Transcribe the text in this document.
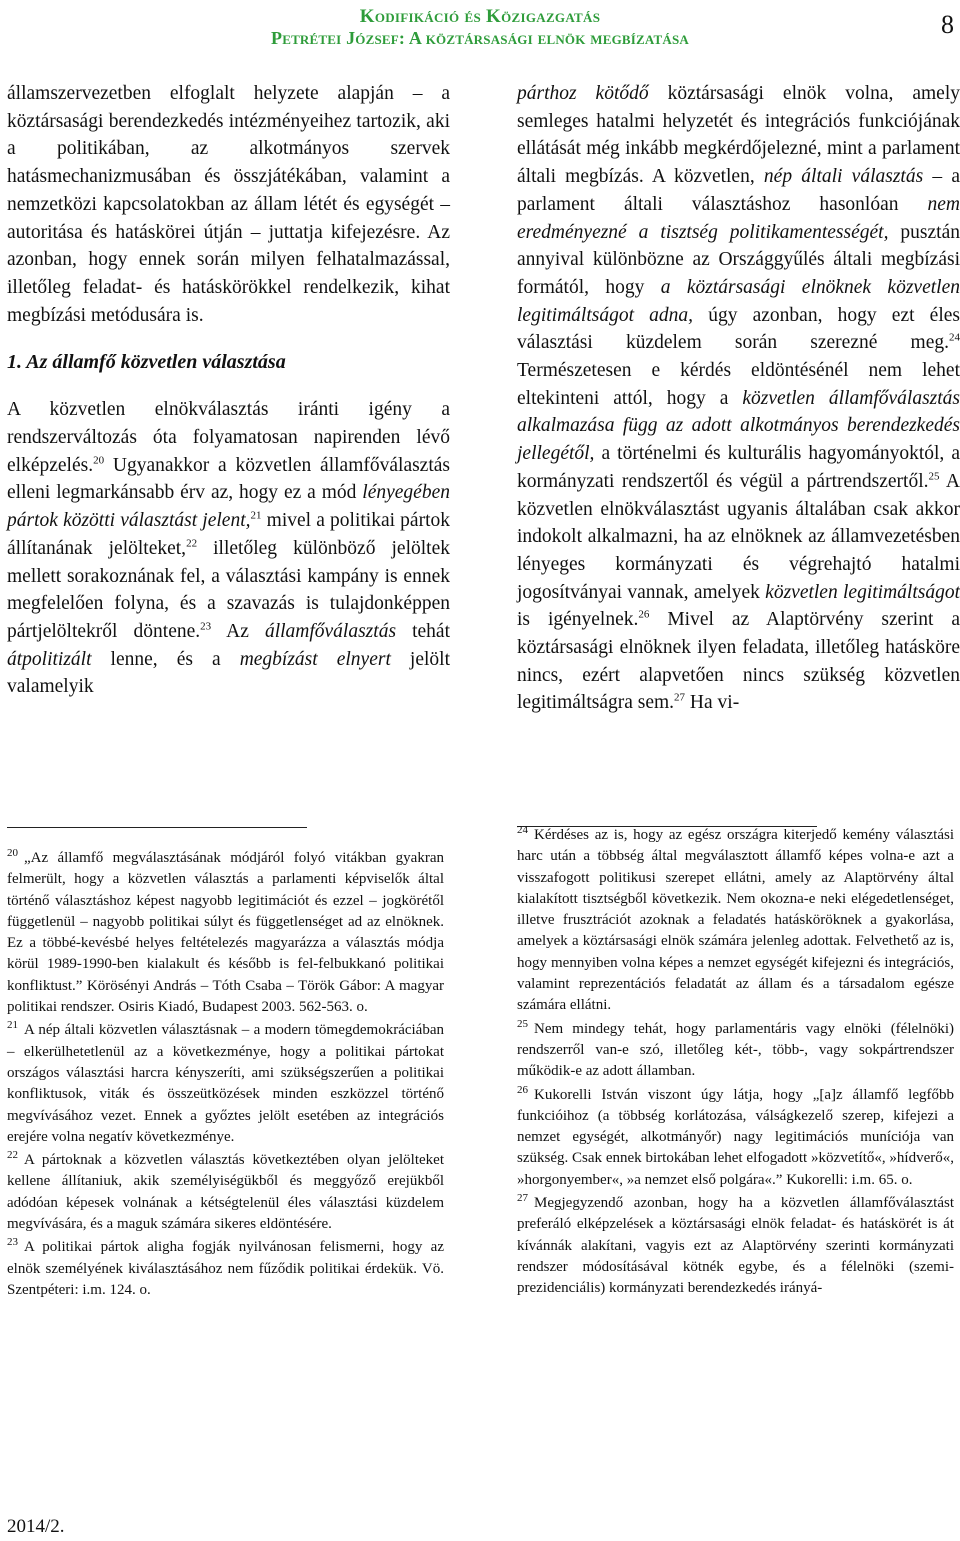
Kodifikáció és Közigazgatás
Petrétei József: A köztársasági elnök megbízatása	8

államszervezetben elfoglalt helyzete alapján – a köztársasági berendezkedés intézményeihez tartozik, aki a politikában, az alkotmányos szervek hatásmechanizmusában és összjátékában, valamint a nemzetközi kapcsolatokban az állam létét és egységét – autoritása és hatáskörei útján – juttatja kifejezésre. Az azonban, hogy ennek során milyen felhatalmazással, illetőleg feladat- és hatáskörökkel rendelkezik, kihat megbízási metódusára is.

1. Az államfő közvetlen választása

A közvetlen elnökválasztás iránti igény a rendszerváltozás óta folyamatosan napirenden lévő elképzelés.$^{20}$ Ugyanakkor a közvetlen államfőválasztás elleni legmarkánsabb érv az, hogy ez a mód lényegében pártok közötti választást jelent,$^{21}$ mivel a politikai pártok állítanának jelölteket,$^{22}$ illetőleg különböző jelöltek mellett sorakoznának fel, a választási kampány is ennek megfelelően folyna, és a szavazás is tulajdonképpen pártjelöltekről döntene.$^{23}$ Az államfőválasztás tehát átpolitizált lenne, és a megbízást elnyert jelölt valamelyik

párthoz kötődő köztársasági elnök volna, amely semleges hatalmi helyzetét és integrációs funkciójának ellátását még inkább megkérdőjelezné, mint a parlament általi megbízás. A közvetlen, nép általi választás – a parlament általi választáshoz hasonlóan nem eredményezné a tisztség politikamentességét, pusztán annyival különbözne az Országgyűlés általi megbízási formától, hogy a köztársasági elnöknek közvetlen legitimáltságot adna, úgy azonban, hogy ezt éles választási küzdelem során szerezné meg.$^{24}$ Természetesen e kérdés eldöntésénél nem lehet eltekinteni attól, hogy a közvetlen államfőválasztás alkalmazása függ az adott alkotmányos berendezkedés jellegétől, a történelmi és kulturális hagyományoktól, a kormányzati rendszertől és végül a pártrendszertől.$^{25}$ A közvetlen elnökválasztást ugyanis általában csak akkor indokolt alkalmazni, ha az elnöknek az államvezetésben lényeges kormányzati és végrehajtó hatalmi jogosítványai vannak, amelyek közvetlen legitimáltságot is igényelnek.$^{26}$ Mivel az Alaptörvény szerint a köztársasági elnöknek ilyen feladata, illetőleg hatásköre nincs, ezért alapvetően nincs szükség közvetlen legitimáltságra sem.$^{27}$ Ha vi-

$^{20}$ „Az államfő megválasztásának módjáról folyó vitákban gyakran felmerült, hogy a közvetlen választás a parlamenti képviselők által történő választáshoz képest nagyobb legitimációt és ezzel – jogkörétől függetlenül – nagyobb politikai súlyt és függetlenséget ad az elnöknek. Ez a többé-kevésbé helyes feltételezés magyarázza a választás módja körül 1989-1990-ben kialakult és később is fel-felbukkanó politikai konfliktust.” Körösényi András – Tóth Csaba – Török Gábor: A magyar politikai rendszer. Osiris Kiadó, Budapest 2003. 562-563. o.

$^{21}$ A nép általi közvetlen választásnak – a modern tömegdemokráciában – elkerülhetetlenül az a következménye, hogy a politikai pártokat országos választási harcra kényszeríti, ami szükségszerűen a politikai konfliktusok, viták és összeütközések minden eszközzel történő megvívásához vezet. Ennek a győztes jelölt esetében az integrációs erejére volna negatív következménye.

$^{22}$ A pártoknak a közvetlen választás következtében olyan jelölteket kellene állítaniuk, akik személyiségükből és meggyőző erejükből adódóan képesek volnának a kétségtelenül éles választási küzdelem megvívására, és a maguk számára sikeres eldöntésére.

$^{23}$ A politikai pártok aligha fogják nyilvánosan felismerni, hogy az elnök személyének kiválasztásához nem fűződik politikai érdekük. Vö. Szentpéteri: i.m. 124. o.

$^{24}$ Kérdéses az is, hogy az egész országra kiterjedő kemény választási harc után a többség által megválasztott államfő képes volna-e azt a visszafogott politikusi szerepet ellátni, amely az Alaptörvény által kialakított tisztségből következik. Nem okozna-e neki elégedetlenséget, illetve frusztrációt azoknak a feladatés hatásköröknek a gyakorlása, amelyek a köztársasági elnök számára jelenleg adottak. Felvethető az is, hogy mennyiben volna képes a nemzet egységét kifejezni és integrációs, valamint reprezentációs feladatát az állam és a társadalom egésze számára ellátni.

$^{25}$ Nem mindegy tehát, hogy parlamentáris vagy elnöki (félelnöki) rendszerről van-e szó, illetőleg két-, több-, vagy sokpártrendszer működik-e az adott államban.

$^{26}$ Kukorelli István viszont úgy látja, hogy „[a]z államfő legfőbb funkcióihoz (a többség korlátozása, válságkezelő szerep, kifejezi a nemzet egységét, alkotmányőr) nagy legitimációs muníciója van szükség. Csak ennek birtokában lehet elfogadott »közvetítő«, »hídverő«, »horgonyember«, »a nemzet első polgára«.” Kukorelli: i.m. 65. o.

$^{27}$ Megjegyzendő azonban, hogy ha a közvetlen államfőválasztást preferáló elképzelések a köztársasági elnök feladat- és hatáskörét is át kívánnák alakítani, vagyis ezt az Alaptörvény szerinti kormányzati rendszer módosításával kötnék egybe, és a félelnöki (szemi-prezidenciális) kormányzati berendezkedés irányá-

2014/2.
